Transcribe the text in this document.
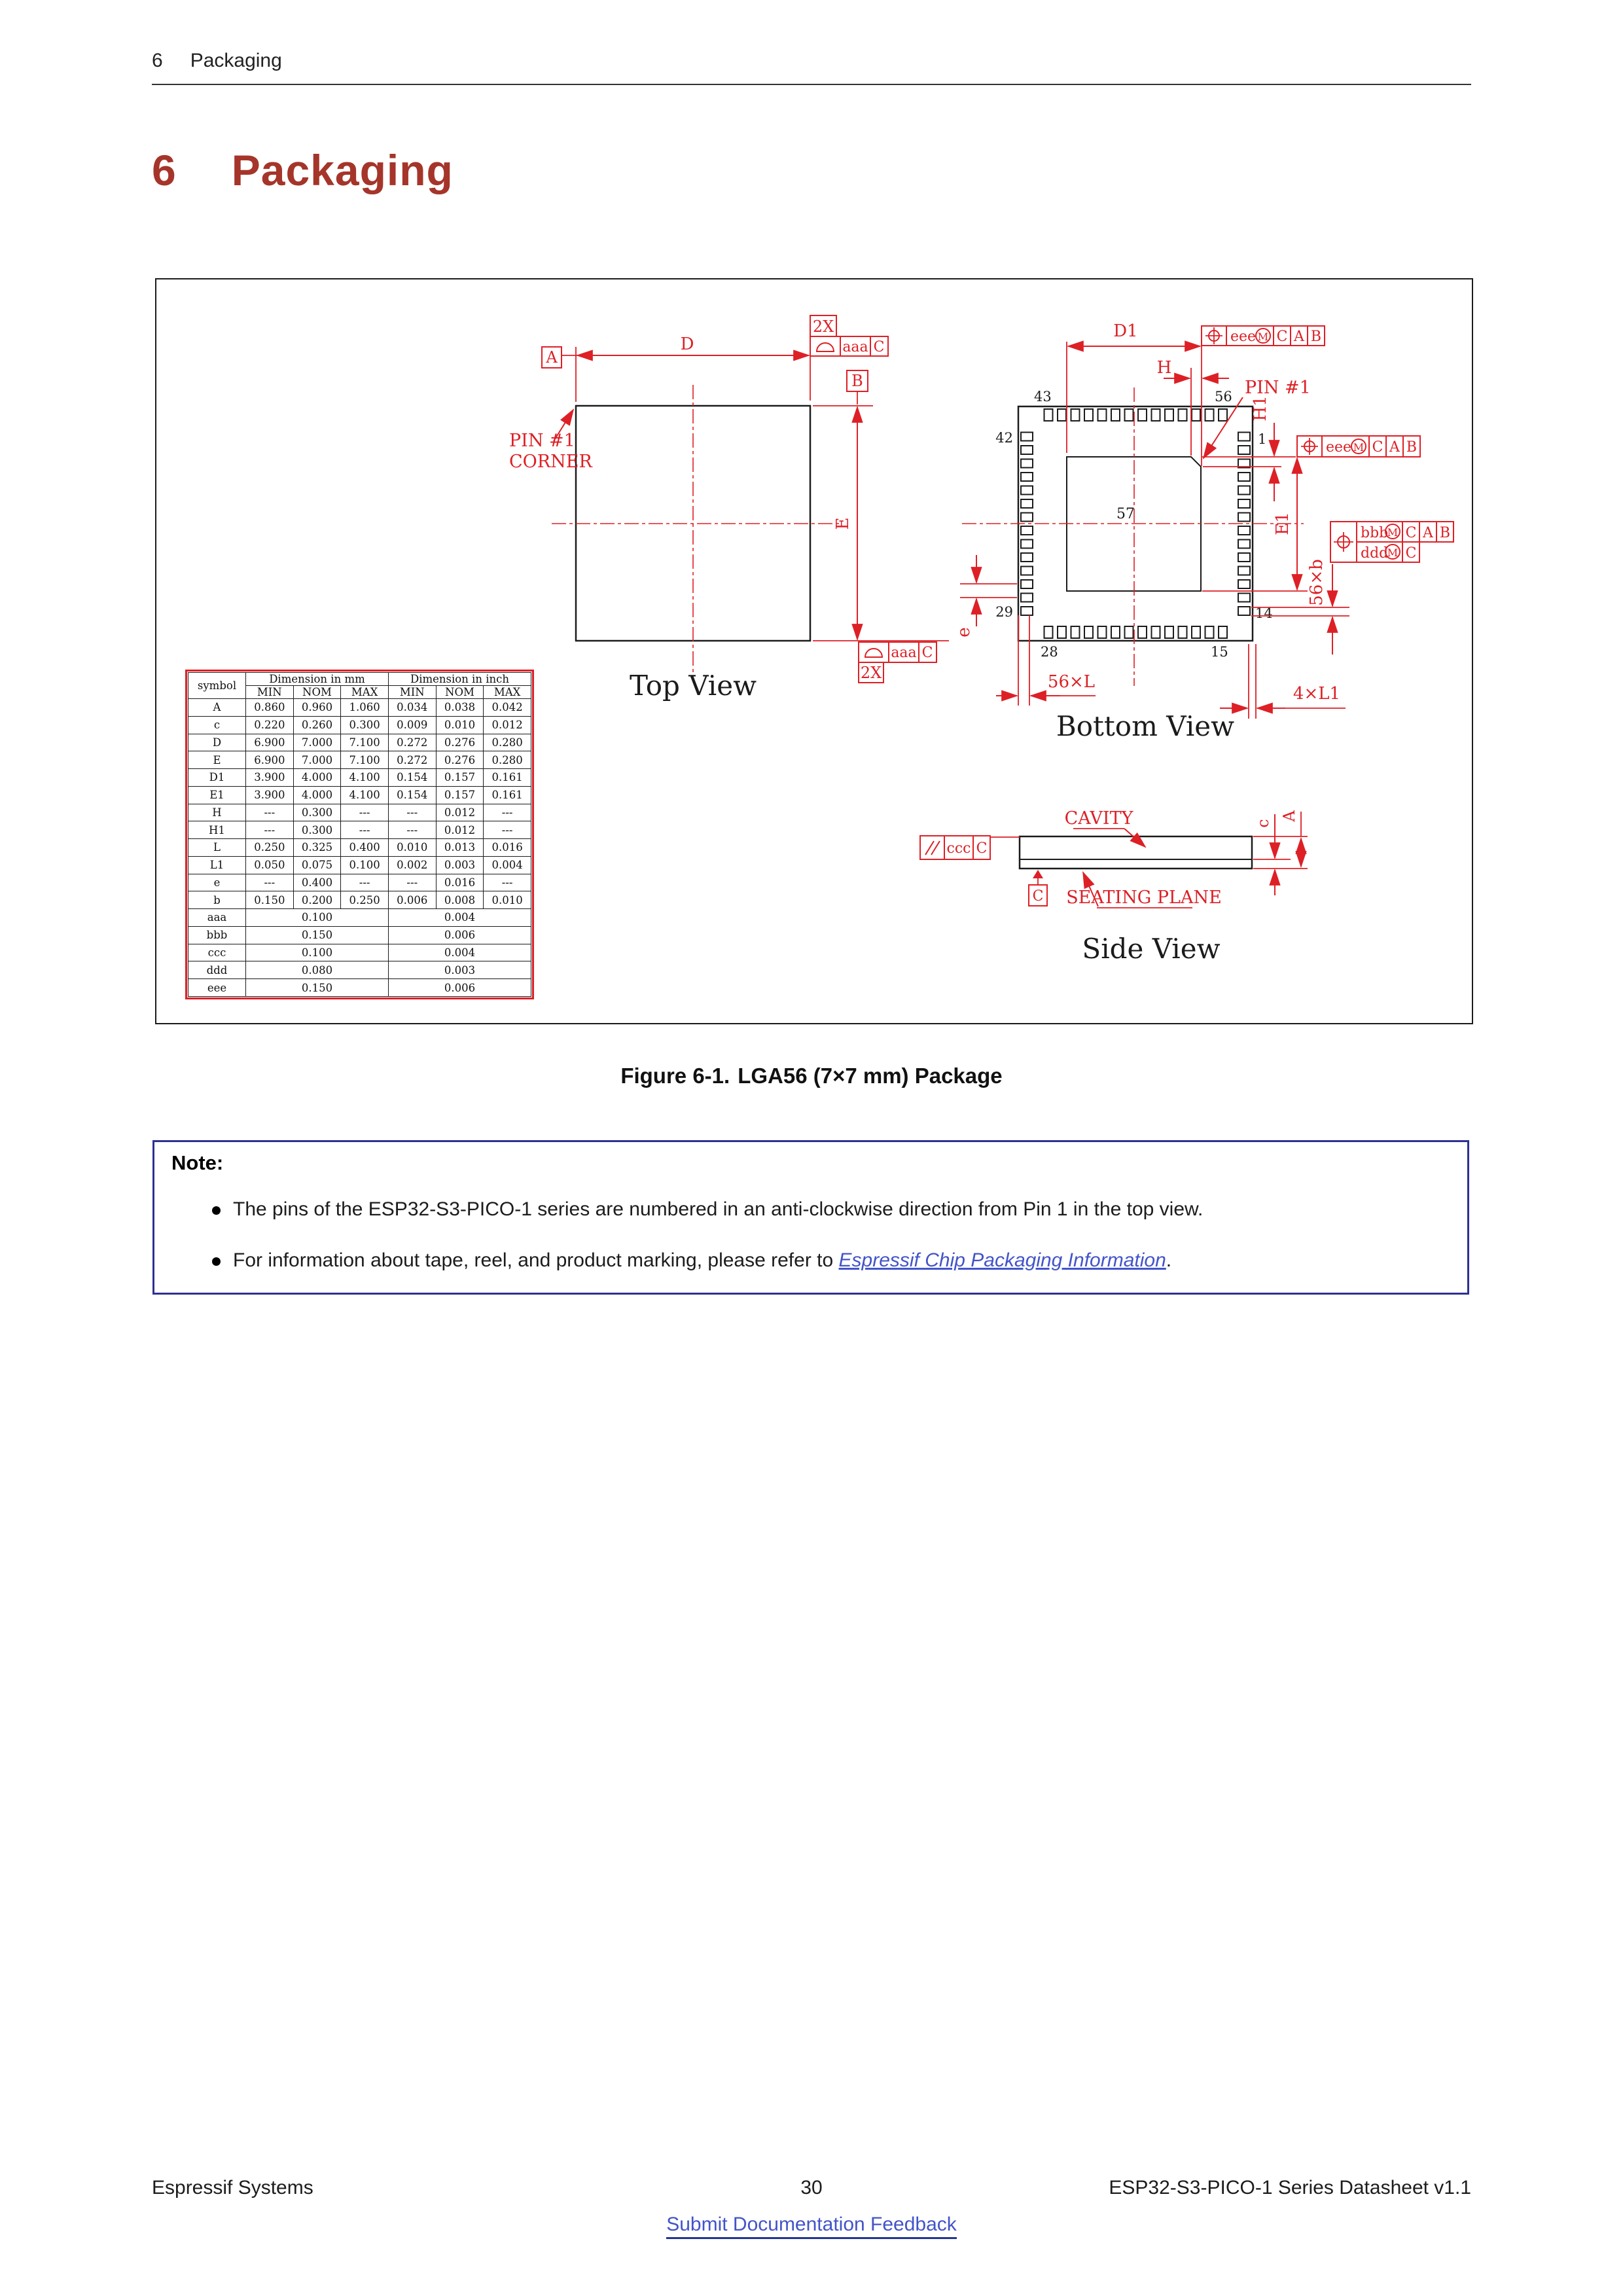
6 Packaging
6 Packaging
A
D
2X
aaa C
B
E
aaa C
2X
PIN #1
CORNER
Top View
57
43	56
42	1
29	14
28	15
D1	eee M C A B
H
PIN #1
H1
eee M C A B
E1	bbb
M C A B
ddd
M C
56×b
e
56×L
4×L1
Bottom View
ccc C
CAVITY
C SEATING PLANE
c
A
Side View
symbol	Dimension in mm			Dimension in inch		
	MIN	NOM	MAX	MIN	NOM	MAX
A	0.860	0.960	1.060	0.034	0.038	0.042
c	0.220	0.260	0.300	0.009	0.010	0.012
D	6.900	7.000	7.100	0.272	0.276	0.280
E	6.900	7.000	7.100	0.272	0.276	0.280
D1	3.900	4.000	4.100	0.154	0.157	0.161
E1	3.900	4.000	4.100	0.154	0.157	0.161
H	---	0.300	---	---	0.012	---
H1	---	0.300	---	---	0.012	---
L	0.250	0.325	0.400	0.010	0.013	0.016
L1	0.050	0.075	0.100	0.002	0.003	0.004
e	---	0.400	---	---	0.016	---
b	0.150	0.200	0.250	0.006	0.008	0.010
aaa	0.100			0.004		
bbb	0.150			0.006		
ccc	0.100			0.004		
ddd	0.080			0.003		
eee	0.150			0.006		
Figure 6-1. LGA56 (7×7 mm) Package
Note:
The pins of the ESP32-S3-PICO-1 series are numbered in an anti-clockwise direction from Pin 1 in the top view.
For information about tape, reel, and product marking, please refer to Espressif Chip Packaging Information.
Espressif Systems	30	ESP32-S3-PICO-1 Series Datasheet v1.1
Submit Documentation Feedback
